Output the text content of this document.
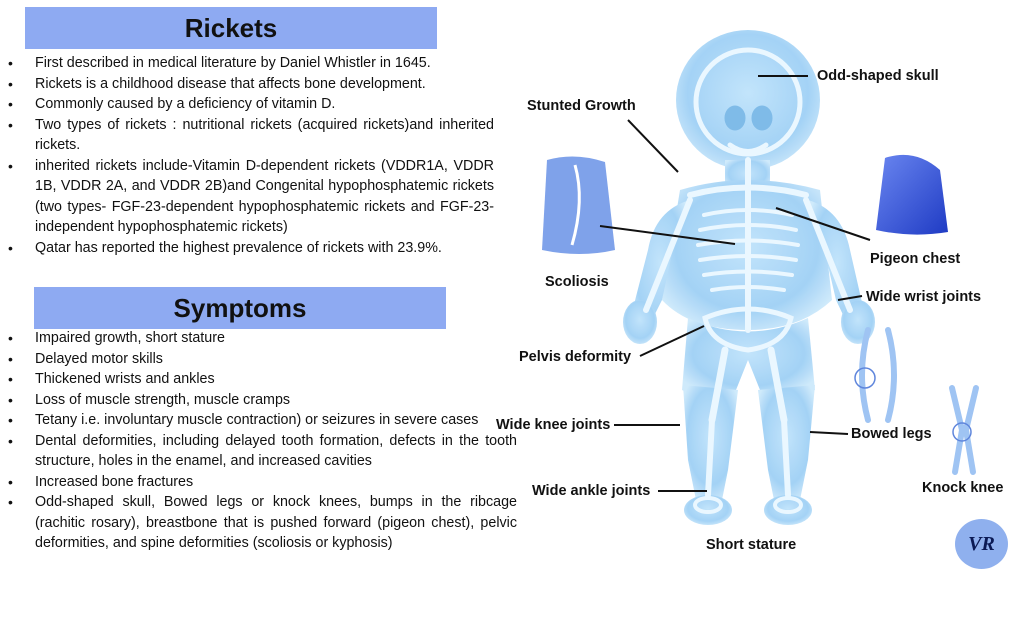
Rickets
• First described in medical literature by Daniel Whistler in 1645.
• Rickets is a childhood disease that affects bone development.
• Commonly caused by a deficiency of vitamin D.
• Two types of rickets : nutritional rickets (acquired rickets)and inherited rickets.
• inherited rickets include-Vitamin D-dependent rickets (VDDR1A, VDDR 1B, VDDR 2A, and VDDR 2B)and Congenital hypophosphatemic rickets (two types- FGF-23-dependent hypophosphatemic rickets and FGF-23-independent hypophosphatemic rickets)
• Qatar has reported the highest prevalence of rickets with 23.9%.
Symptoms
• Impaired growth, short stature
• Delayed motor skills
• Thickened wrists and ankles
• Loss of muscle strength, muscle cramps
• Tetany i.e. involuntary muscle contraction) or seizures in severe cases
• Dental deformities, including delayed tooth formation, defects in the tooth structure, holes in the enamel, and increased cavities
• Increased bone fractures
• Odd-shaped skull, Bowed legs or knock knees, bumps in the ribcage (rachitic rosary), breastbone that is pushed forward (pigeon chest), pelvic deformities, and spine deformities (scoliosis or kyphosis)
Odd-shaped skull
Stunted Growth
Pigeon chest
Scoliosis
Wide wrist joints
Pelvis deformity
Wide knee joints
Bowed legs
Wide ankle joints	Knock knee
Short stature	VR
